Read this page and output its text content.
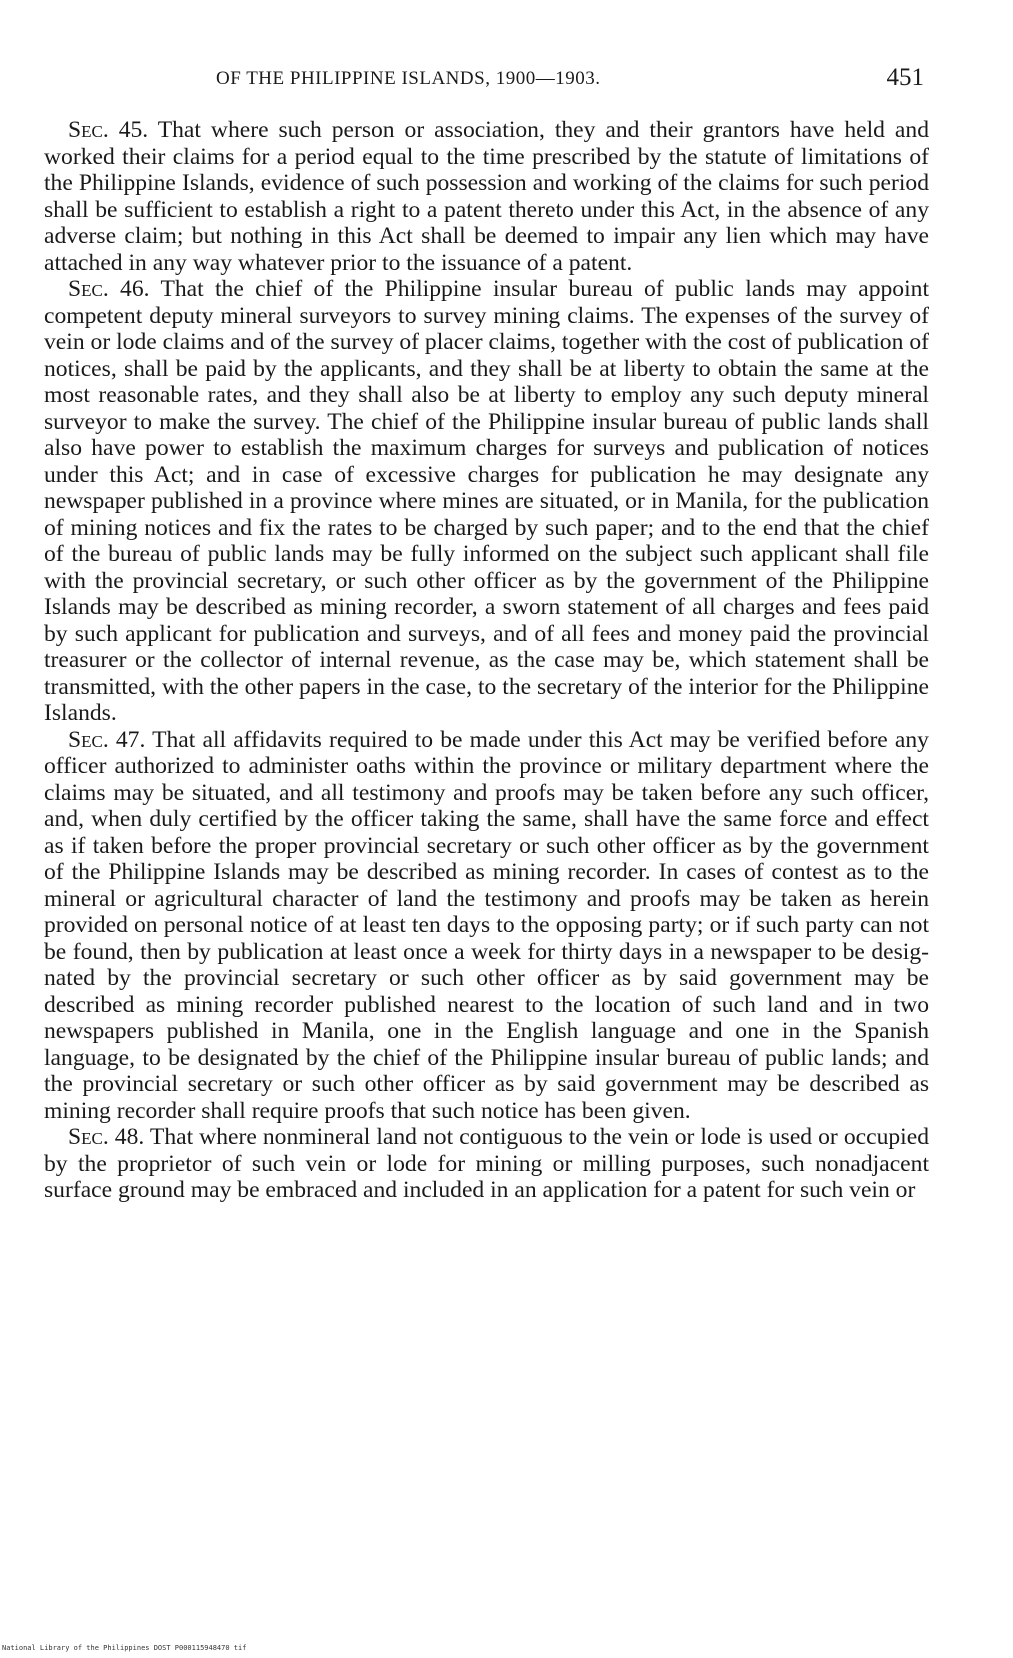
OF THE PHILIPPINE ISLANDS, 1900—1903.	451

Sec. 45. That where such person or association, they and their grantors have held and worked their claims for a period equal to the time prescribed by the statute of limitations of the Philippine Islands, evidence of such possession and working of the claims for such period shall be sufficient to establish a right to a patent thereto under this Act, in the absence of any adverse claim; but nothing in this Act shall be deemed to impair any lien which may have attached in any way whatever prior to the issuance of a patent.

Sec. 46. That the chief of the Philippine insular bureau of public lands may appoint competent deputy mineral surveyors to survey mining claims. The expenses of the survey of vein or lode claims and of the survey of placer claims, together with the cost of publication of notices, shall be paid by the applicants, and they shall be at liberty to obtain the same at the most reasonable rates, and they shall also be at liberty to employ any such deputy mineral surveyor to make the survey. The chief of the Philippine insular bureau of public lands shall also have power to establish the maximum charges for surveys and publication of notices under this Act; and in case of excessive charges for publication he may designate any newspaper published in a province where mines are situated, or in Manila, for the publication of mining notices and fix the rates to be charged by such paper; and to the end that the chief of the bureau of public lands may be fully informed on the subject such applicant shall file with the provincial secretary, or such other officer as by the government of the Philippine Islands may be described as mining recorder, a sworn statement of all charges and fees paid by such applicant for publication and surveys, and of all fees and money paid the provincial treasurer or the collector of internal revenue, as the case may be, which statement shall be transmitted, with the other papers in the case, to the secretary of the interior for the Philippine Islands.

Sec. 47. That all affidavits required to be made under this Act may be verified before any officer authorized to administer oaths within the province or military department where the claims may be situated, and all testimony and proofs may be taken before any such officer, and, when duly certified by the officer taking the same, shall have the same force and effect as if taken before the proper provincial secretary or such other officer as by the government of the Philippine Islands may be described as mining recorder. In cases of contest as to the mineral or agricultural character of land the testimony and proofs may be taken as herein provided on personal notice of at least ten days to the opposing party; or if such party can not be found, then by publication at least once a week for thirty days in a newspaper to be designated by the provincial secretary or such other officer as by said government may be described as mining recorder published nearest to the location of such land and in two newspapers published in Manila, one in the English language and one in the Spanish language, to be designated by the chief of the Philippine insular bureau of public lands; and the provincial secretary or such other officer as by said government may be described as mining recorder shall require proofs that such notice has been given.

Sec. 48. That where nonmineral land not contiguous to the vein or lode is used or occupied by the proprietor of such vein or lode for mining or milling purposes, such nonadjacent surface ground may be embraced and included in an application for a patent for such vein or

National Library of the Philippines DOST P000115948470 tif
